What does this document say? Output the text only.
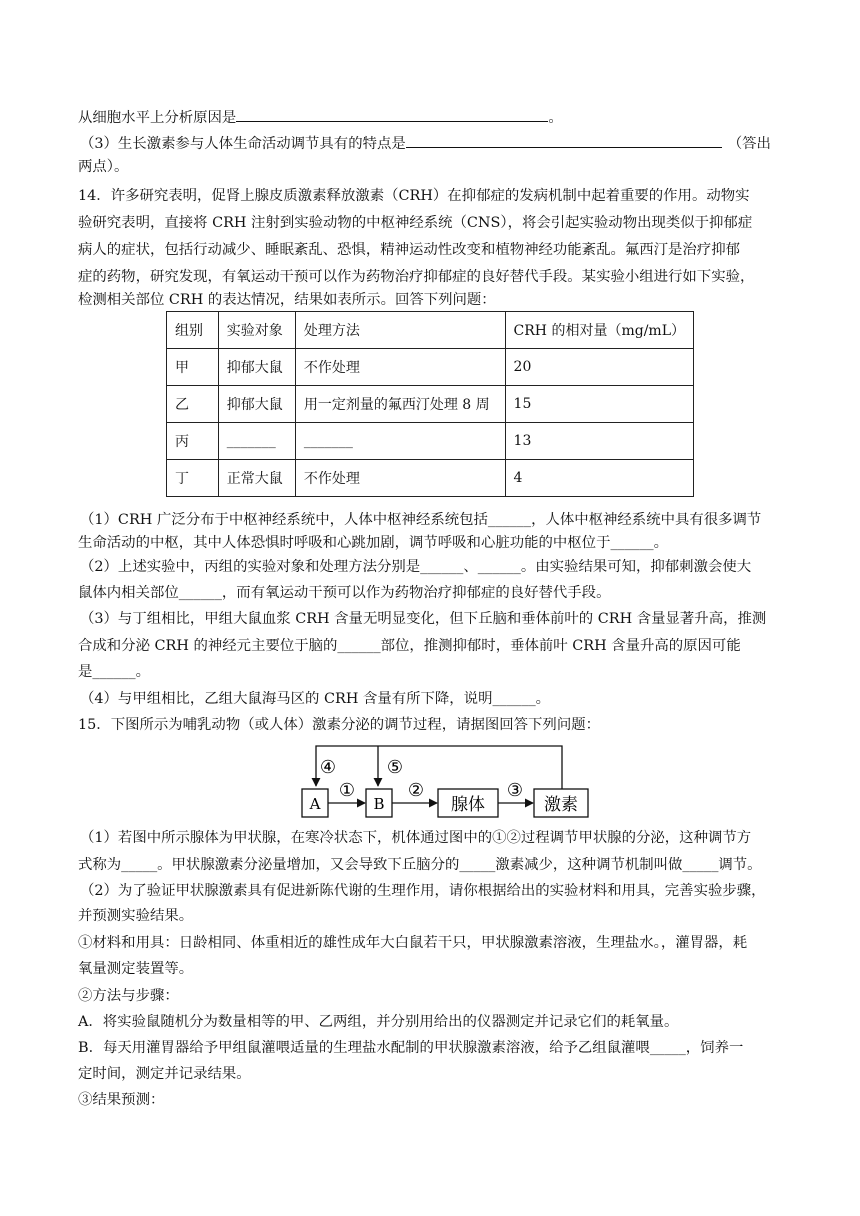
从细胞水平上分析原因是	。
（3）生长激素参与人体生命活动调节具有的特点是	（答出
两点）。
14．许多研究表明，促肾上腺皮质激素释放激素（CRH）在抑郁症的发病机制中起着重要的作用。动物实
验研究表明，直接将 CRH 注射到实验动物的中枢神经系统（CNS），将会引起实验动物出现类似于抑郁症
病人的症状，包括行动减少、睡眠紊乱、恐惧，精神运动性改变和植物神经功能紊乱。氟西汀是治疗抑郁
症的药物，研究发现，有氧运动干预可以作为药物治疗抑郁症的良好替代手段。某实验小组进行如下实验，
检测相关部位 CRH 的表达情况，结果如表所示。回答下列问题：
组别	实验对象	处理方法	CRH 的相对量（mg/mL）
甲	抑郁大鼠	不作处理	20
乙	抑郁大鼠	用一定剂量的氟西汀处理 8 周	15
丙	_______	_______	13
丁	正常大鼠	不作处理	4
（1）CRH 广泛分布于中枢神经系统中，人体中枢神经系统包括______，人体中枢神经系统中具有很多调节
生命活动的中枢，其中人体恐惧时呼吸和心跳加剧，调节呼吸和心脏功能的中枢位于______。
（2）上述实验中，丙组的实验对象和处理方法分别是______、______。由实验结果可知，抑郁刺激会使大
鼠体内相关部位______，而有氧运动干预可以作为药物治疗抑郁症的良好替代手段。
（3）与丁组相比，甲组大鼠血浆 CRH 含量无明显变化，但下丘脑和垂体前叶的 CRH 含量显著升高，推测
合成和分泌 CRH 的神经元主要位于脑的______部位，推测抑郁时，垂体前叶 CRH 含量升高的原因可能
是______。
（4）与甲组相比，乙组大鼠海马区的 CRH 含量有所下降，说明______。
15．下图所示为哺乳动物（或人体）激素分泌的调节过程，请据图回答下列问题：
A	B	腺体	激素
①	②	③
④	⑤
（1）若图中所示腺体为甲状腺，在寒冷状态下，机体通过图中的①②过程调节甲状腺的分泌，这种调节方
式称为_____。甲状腺激素分泌量增加，又会导致下丘脑分的_____激素减少，这种调节机制叫做_____调节。
（2）为了验证甲状腺激素具有促进新陈代谢的生理作用，请你根据给出的实验材料和用具，完善实验步骤，
并预测实验结果。
①材料和用具：日龄相同、体重相近的雄性成年大白鼠若干只，甲状腺激素溶液，生理盐水。，灌胃器，耗
氧量测定装置等。
②方法与步骤：
A．将实验鼠随机分为数量相等的甲、乙两组，并分别用给出的仪器测定并记录它们的耗氧量。
B．每天用灌胃器给予甲组鼠灌喂适量的生理盐水配制的甲状腺激素溶液，给予乙组鼠灌喂_____，饲养一
定时间，测定并记录结果。
③结果预测：
